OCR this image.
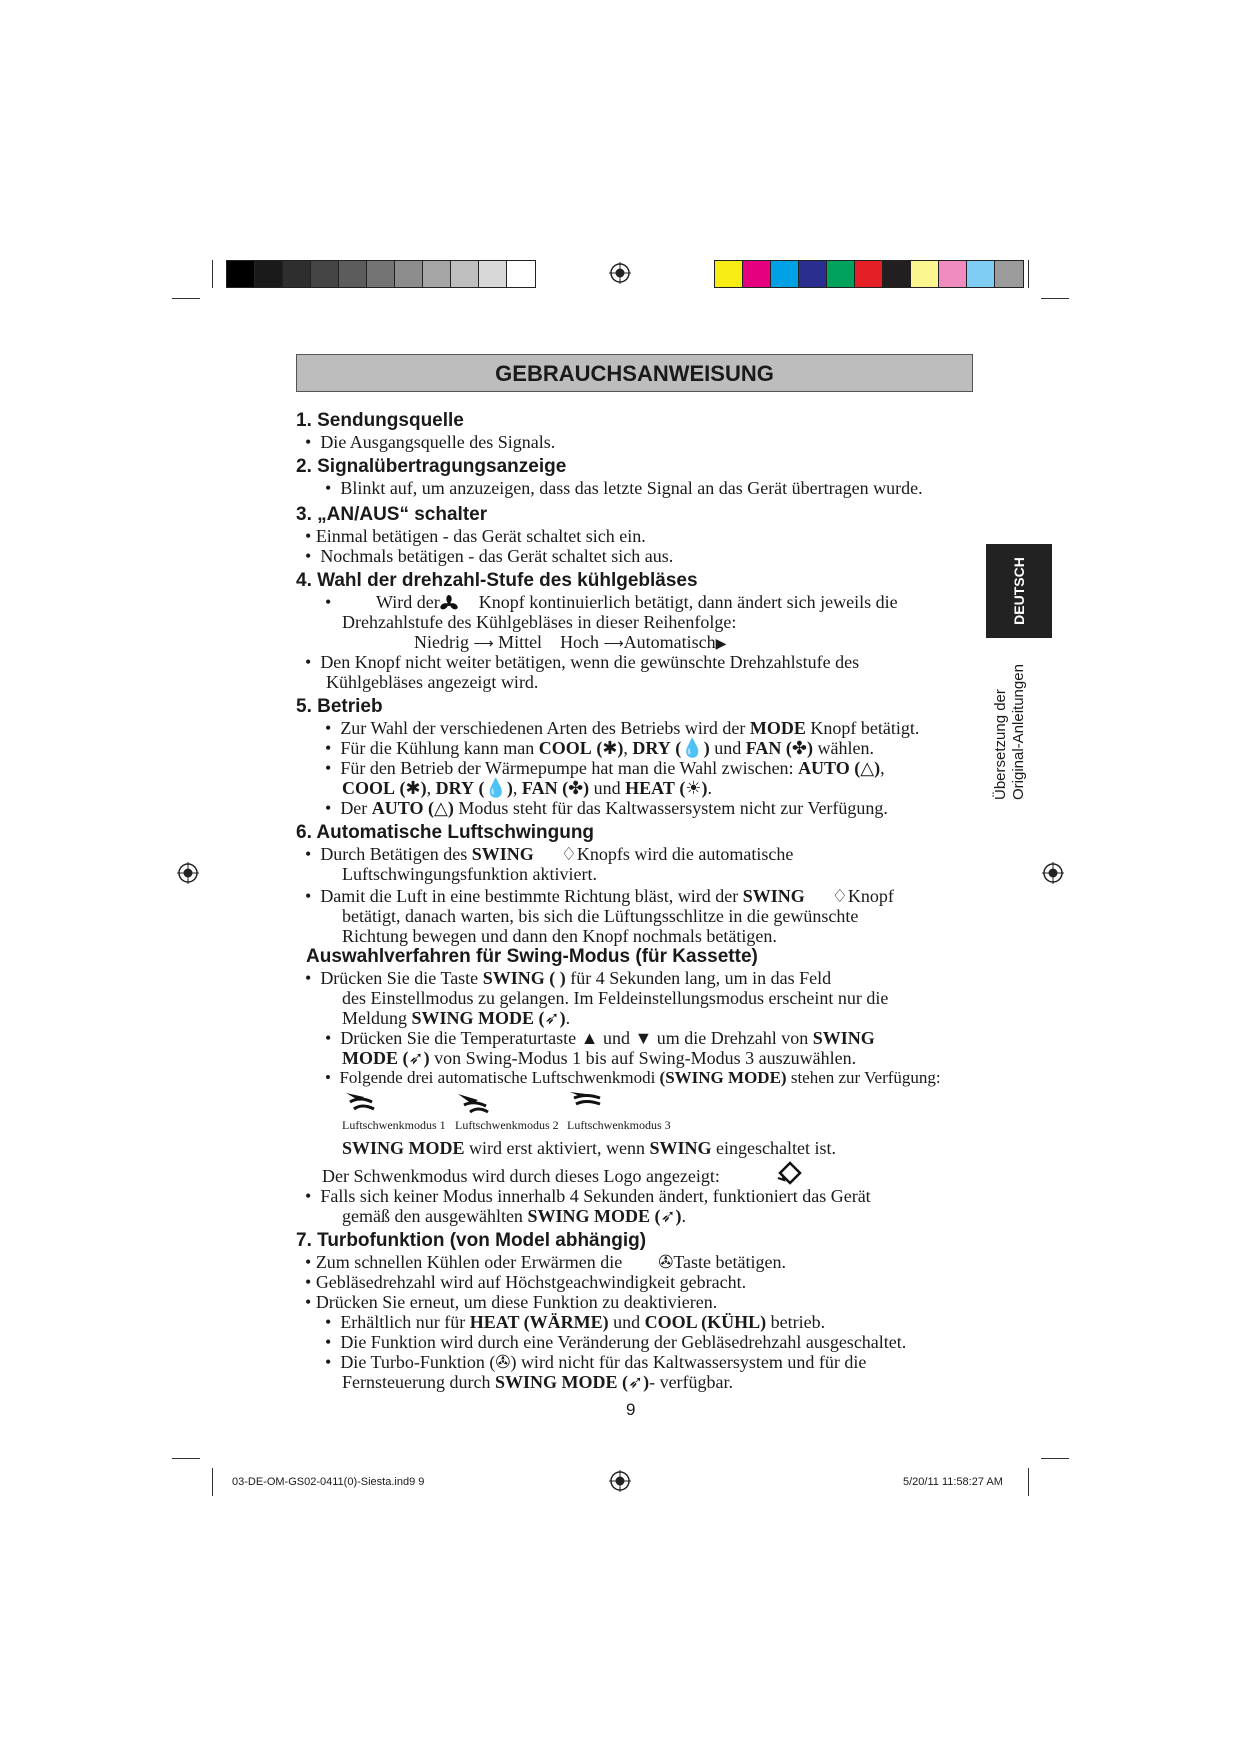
GEBRAUCHSANWEISUNG
DEUTSCH
Übersetzung der Original-Anleitungen
1. Sendungsquelle
•  Die Ausgangsquelle des Signals.
2. Signalübertragungsanzeige
•  Blinkt auf, um anzuzeigen, dass das letzte Signal an das Gerät übertragen wurde.
3. „AN/AUS“ schalter
• Einmal betätigen - das Gerät schaltet sich ein.
•  Nochmals betätigen - das Gerät schaltet sich aus.
4. Wahl der drehzahl-Stufe des kühlgebläses
•          Wird der Knopf kontinuierlich betätigt, dann ändert sich jeweils die
Drehzahlstufe des Kühlgebläses in dieser Reihenfolge:
Niedrig ⟶ Mittel Hoch ⟶Automatisch▶
•  Den Knopf nicht weiter betätigen, wenn die gewünschte Drehzahlstufe des
Kühlgebläses angezeigt wird.
5. Betrieb
•  Zur Wahl der verschiedenen Arten des Betriebs wird der MODE Knopf betätigt.
•  Für die Kühlung kann man COOL (✱), DRY (💧) und FAN (✤) wählen.
•  Für den Betrieb der Wärmepumpe hat man die Wahl zwischen: AUTO (△),
COOL (✱), DRY (💧), FAN (✤) und HEAT (☀).
•  Der AUTO (△) Modus steht für das Kaltwassersystem nicht zur Verfügung.
6. Automatische Luftschwingung
•  Durch Betätigen des SWING ♢Knopfs wird die automatische
Luftschwingungsfunktion aktiviert.
•  Damit die Luft in eine bestimmte Richtung bläst, wird der SWING ♢Knopf
betätigt, danach warten, bis sich die Lüftungsschlitze in die gewünschte
Richtung bewegen und dann den Knopf nochmals betätigen.
Auswahlverfahren für Swing-Modus (für Kassette)
•  Drücken Sie die Taste SWING ( ) für 4 Sekunden lang, um in das Feld
des Einstellmodus zu gelangen. Im Feldeinstellungsmodus erscheint nur die
Meldung SWING MODE (➶).
•  Drücken Sie die Temperaturtaste ▲ und ▼ um die Drehzahl von SWING
MODE (➶) von Swing-Modus 1 bis auf Swing-Modus 3 auszuwählen.
•  Folgende drei automatische Luftschwenkmodi (SWING MODE) stehen zur Verfügung:
Luftschwenkmodus 1 Luftschwenkmodus 2 Luftschwenkmodus 3
SWING MODE wird erst aktiviert, wenn SWING eingeschaltet ist.
Der Schwenkmodus wird durch dieses Logo angezeigt:
•  Falls sich keiner Modus innerhalb 4 Sekunden ändert, funktioniert das Gerät
gemäß den ausgewählten SWING MODE (➶).
7. Turbofunktion (von Model abhängig)
• Zum schnellen Kühlen oder Erwärmen die ✇Taste betätigen.
• Gebläsedrehzahl wird auf Höchstgeachwindigkeit gebracht.
• Drücken Sie erneut, um diese Funktion zu deaktivieren.
•  Erhältlich nur für HEAT (WÄRME) und COOL (KÜHL) betrieb.
•  Die Funktion wird durch eine Veränderung der Gebläsedrehzahl ausgeschaltet.
•  Die Turbo-Funktion (✇) wird nicht für das Kaltwassersystem und für die
Fernsteuerung durch SWING MODE (➶)- verfügbar.
9
03-DE-OM-GS02-0411(0)-Siesta.ind9 9	5/20/11 11:58:27 AM
